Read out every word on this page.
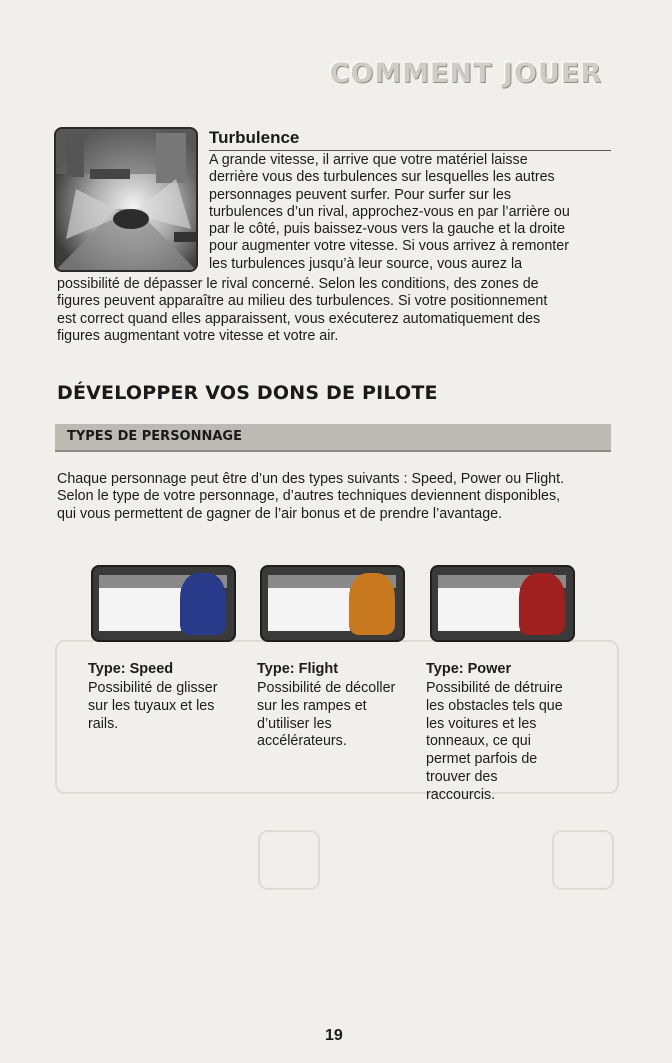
COMMENT JOUER
Turbulence

A grande vitesse, il arrive que votre matériel laisse

derrière vous des turbulences sur lesquelles les autres

personnages peuvent surfer. Pour surfer sur les

turbulences d’un rival, approchez-vous en par l’arrière ou

par le côté, puis baissez-vous vers la gauche et la droite

pour augmenter votre vitesse. Si vous arrivez à remonter

les turbulences jusqu’à leur source, vous aurez la

possibilité de dépasser le rival concerné. Selon les conditions, des zones de

figures peuvent apparaître au milieu des turbulences. Si votre positionnement

est correct quand elles apparaissent, vous exécuterez automatiquement des

figures augmentant votre vitesse et votre air.

DÉVELOPPER VOS DONS DE PILOTE
TYPES DE PERSONNAGE

Chaque personnage peut être d’un des types suivants : Speed, Power ou Flight.

Selon le type de votre personnage, d’autres techniques deviennent disponibles,

qui vous permettent de gagner de l’air bonus et de prendre l’avantage.

Type: Speed
Possibilité de glisser
sur les tuyaux et les
rails.
Type: Flight
Possibilité de décoller
sur les rampes et
d’utiliser les
accélérateurs.
Type: Power
Possibilité de détruire
les obstacles tels que
les voitures et les
tonneaux, ce qui
permet parfois de
trouver des
raccourcis.
19
